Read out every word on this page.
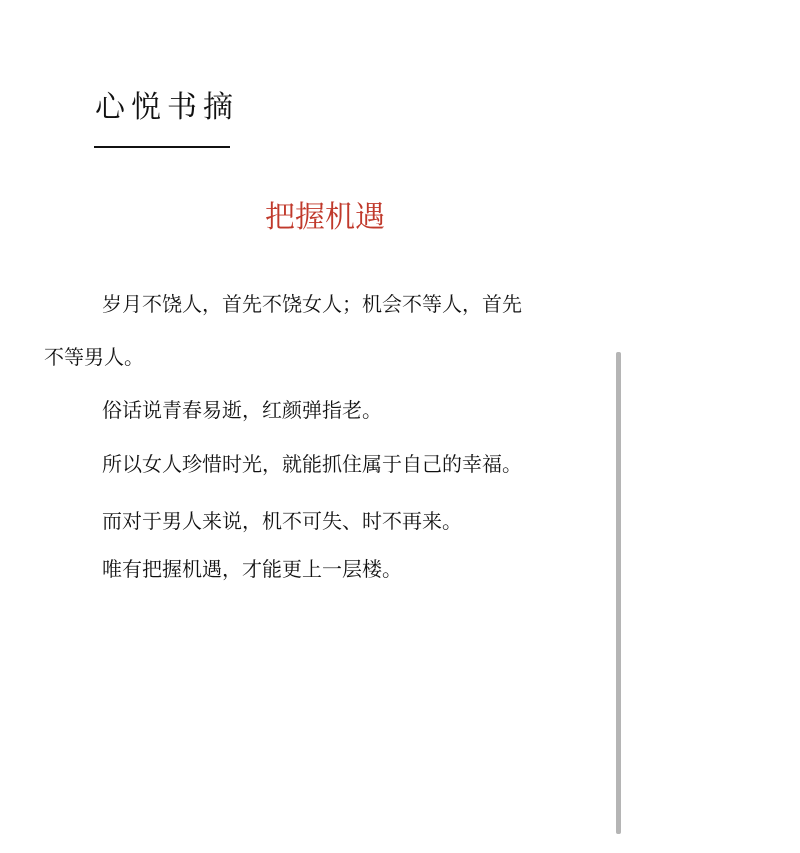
心悦书摘
把握机遇
岁月不饶人，首先不饶女人；机会不等人，首先
不等男人。
俗话说青春易逝，红颜弹指老。
所以女人珍惜时光，就能抓住属于自己的幸福。
而对于男人来说，机不可失、时不再来。
唯有把握机遇，才能更上一层楼。
